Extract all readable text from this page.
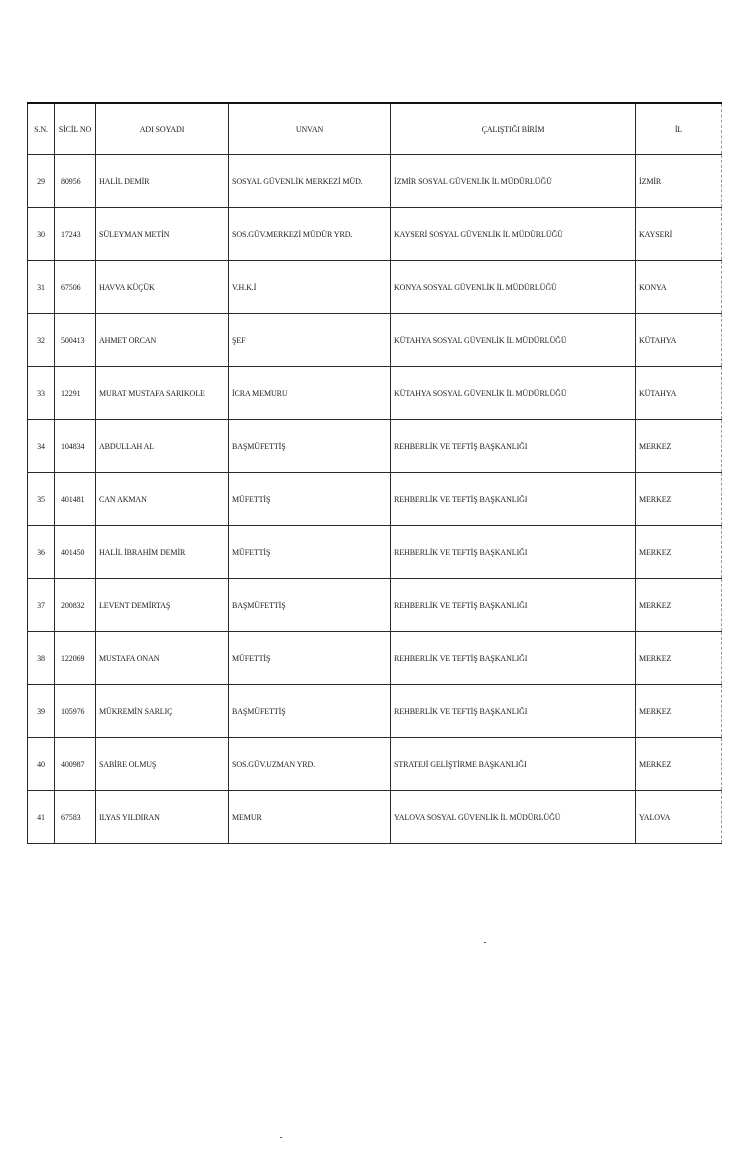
S.N.	SİCİL NO	ADI SOYADI	UNVAN	ÇALIŞTIĞI BİRİM	İL
29	80956	HALİL DEMİR	SOSYAL GÜVENLİK MERKEZİ MÜD.	İZMİR SOSYAL GÜVENLİK İL MÜDÜRLÜĞÜ	İZMİR
30	17243	SÜLEYMAN METİN	SOS.GÜV.MERKEZİ MÜDÜR YRD.	KAYSERİ SOSYAL GÜVENLİK İL MÜDÜRLÜĞÜ	KAYSERİ
31	67506	HAVVA KÜÇÜK	V.H.K.İ	KONYA SOSYAL GÜVENLİK İL MÜDÜRLÜĞÜ	KONYA
32	500413	AHMET ORCAN	ŞEF	KÜTAHYA SOSYAL GÜVENLİK İL MÜDÜRLÜĞÜ	KÜTAHYA
33	12291	MURAT MUSTAFA SARIKOLE	İCRA MEMURU	KÜTAHYA SOSYAL GÜVENLİK İL MÜDÜRLÜĞÜ	KÜTAHYA
34	104834	ABDULLAH AL	BAŞMÜFETTİŞ	REHBERLİK VE TEFTİŞ BAŞKANLIĞI	MERKEZ
35	401481	CAN AKMAN	MÜFETTİŞ	REHBERLİK VE TEFTİŞ BAŞKANLIĞI	MERKEZ
36	401450	HALİL İBRAHİM DEMİR	MÜFETTİŞ	REHBERLİK VE TEFTİŞ BAŞKANLIĞI	MERKEZ
37	200832	LEVENT DEMİRTAŞ	BAŞMÜFETTİŞ	REHBERLİK VE TEFTİŞ BAŞKANLIĞI	MERKEZ
38	122069	MUSTAFA ONAN	MÜFETTİŞ	REHBERLİK VE TEFTİŞ BAŞKANLIĞI	MERKEZ
39	105976	MÜKREMİN SARLIÇ	BAŞMÜFETTİŞ	REHBERLİK VE TEFTİŞ BAŞKANLIĞI	MERKEZ
40	400987	SABİRE OLMUŞ	SOS.GÜV.UZMAN YRD.	STRATEJİ GELİŞTİRME BAŞKANLIĞI	MERKEZ
41	67583	ILYAS YILDIRAN	MEMUR	YALOVA SOSYAL GÜVENLİK İL MÜDÜRLÜĞÜ	YALOVA
